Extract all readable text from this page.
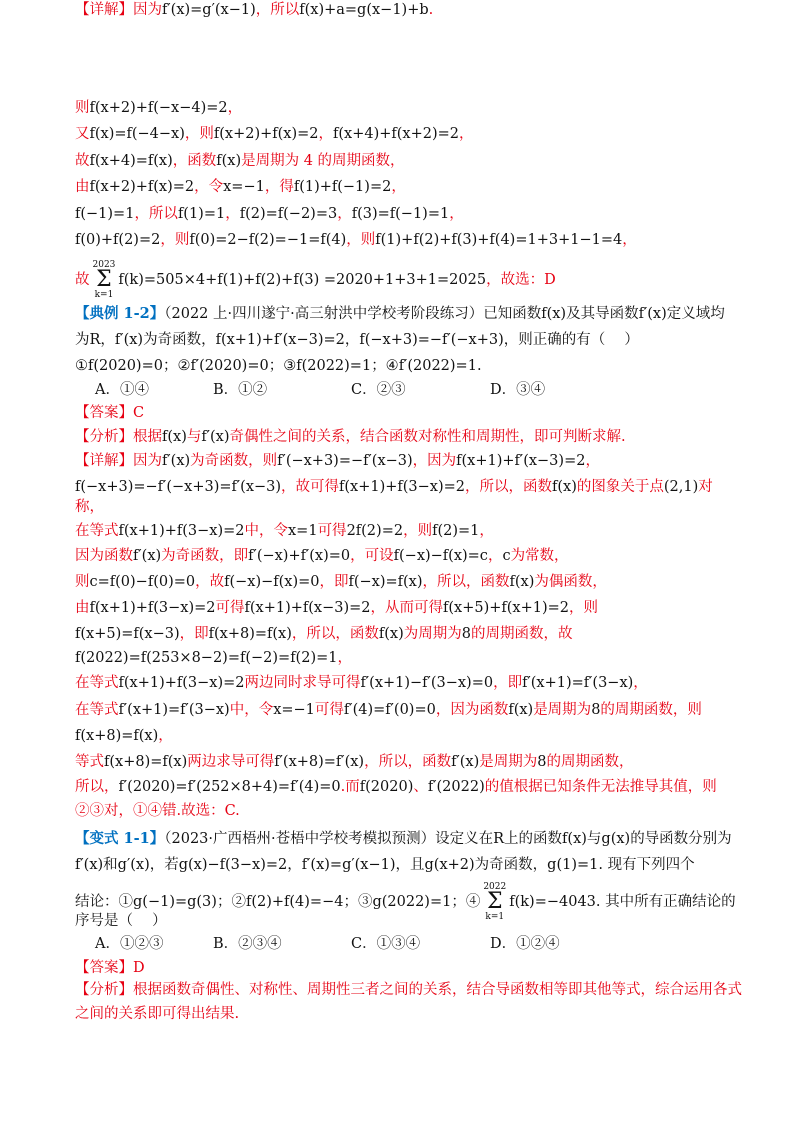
则f(x+2)+f(−x−4)=2，
又f(x)=f(−4−x)，则f(x+2)+f(x)=2，f(x+4)+f(x+2)=2，
故f(x+4)=f(x)，函数f(x)是周期为 4 的周期函数，
由f(x+2)+f(x)=2，令x=−1，得f(1)+f(−1)=2，
f(−1)=1，所以f(1)=1，f(2)=f(−2)=3，f(3)=f(−1)=1，
f(0)+f(2)=2，则f(0)=2−f(2)=−1=f(4)，则f(1)+f(2)+f(3)+f(4)=1+3+1−1=4，
故
2023
Σ
k=1
f(k)=505×4+f(1)+f(2)+f(3) =2020+1+3+1=2025，故选：D
【典例 1-2】（2022 上·四川遂宁·高三射洪中学校考阶段练习）已知函数f(x)及其导函数f′(x)定义域均
为R，f′(x)为奇函数，f(x+1)+f′(x−3)=2，f(−x+3)=−f′(−x+3)，则正确的有（　 ）
①f(2020)=0；②f′(2020)=0；③f(2022)=1；④f′(2022)=1.
A．①④	B．①②	C．②③	D．③④
【答案】C
【分析】根据f(x)与f′(x)奇偶性之间的关系，结合函数对称性和周期性，即可判断求解.
【详解】因为f′(x)为奇函数，则f′(−x+3)=−f′(x−3)，因为f(x+1)+f′(x−3)=2，
f(−x+3)=−f′(−x+3)=f′(x−3)，故可得f(x+1)+f(3−x)=2，所以，函数f(x)的图象关于点(2,1)对
称，
在等式f(x+1)+f(3−x)=2中，令x=1可得2f(2)=2，则f(2)=1，
因为函数f′(x)为奇函数，即f′(−x)+f′(x)=0，可设f(−x)−f(x)=c，c为常数，
则c=f(0)−f(0)=0，故f(−x)−f(x)=0，即f(−x)=f(x)，所以，函数f(x)为偶函数，
由f(x+1)+f(3−x)=2可得f(x+1)+f(x−3)=2，从而可得f(x+5)+f(x+1)=2，则
f(x+5)=f(x−3)，即f(x+8)=f(x)，所以，函数f(x)为周期为8的周期函数，故
f(2022)=f(253×8−2)=f(−2)=f(2)=1，
在等式f(x+1)+f(3−x)=2两边同时求导可得f′(x+1)−f′(3−x)=0，即f′(x+1)=f′(3−x)，
在等式f′(x+1)=f′(3−x)中，令x=−1可得f′(4)=f′(0)=0，因为函数f(x)是周期为8的周期函数，则
f(x+8)=f(x)，
等式f(x+8)=f(x)两边求导可得f′(x+8)=f′(x)，所以，函数f′(x)是周期为8的周期函数，
所以，f′(2020)=f′(252×8+4)=f′(4)=0.而f(2020)、f′(2022)的值根据已知条件无法推导其值，则
②③对，①④错.故选：C.
【变式 1-1】（2023·广西梧州·苍梧中学校考模拟预测）设定义在R上的函数f(x)与g(x)的导函数分别为
f′(x)和g′(x)，若g(x)−f(3−x)=2，f′(x)=g′(x−1)，且g(x+2)为奇函数，g(1)=1. 现有下列四个
结论：①g(−1)=g(3)；②f(2)+f(4)=−4；③g(2022)=1；④
2022
Σ
k=1
f(k)=−4043. 其中所有正确结论的
序号是（　 ）
A．①②③	B．②③④	C．①③④	D．①②④
【答案】D
【分析】根据函数奇偶性、对称性、周期性三者之间的关系，结合导函数相等即其他等式，综合运用各式
之间的关系即可得出结果.
【详解】因为f′(x)=g′(x−1)，所以f(x)+a=g(x−1)+b.
